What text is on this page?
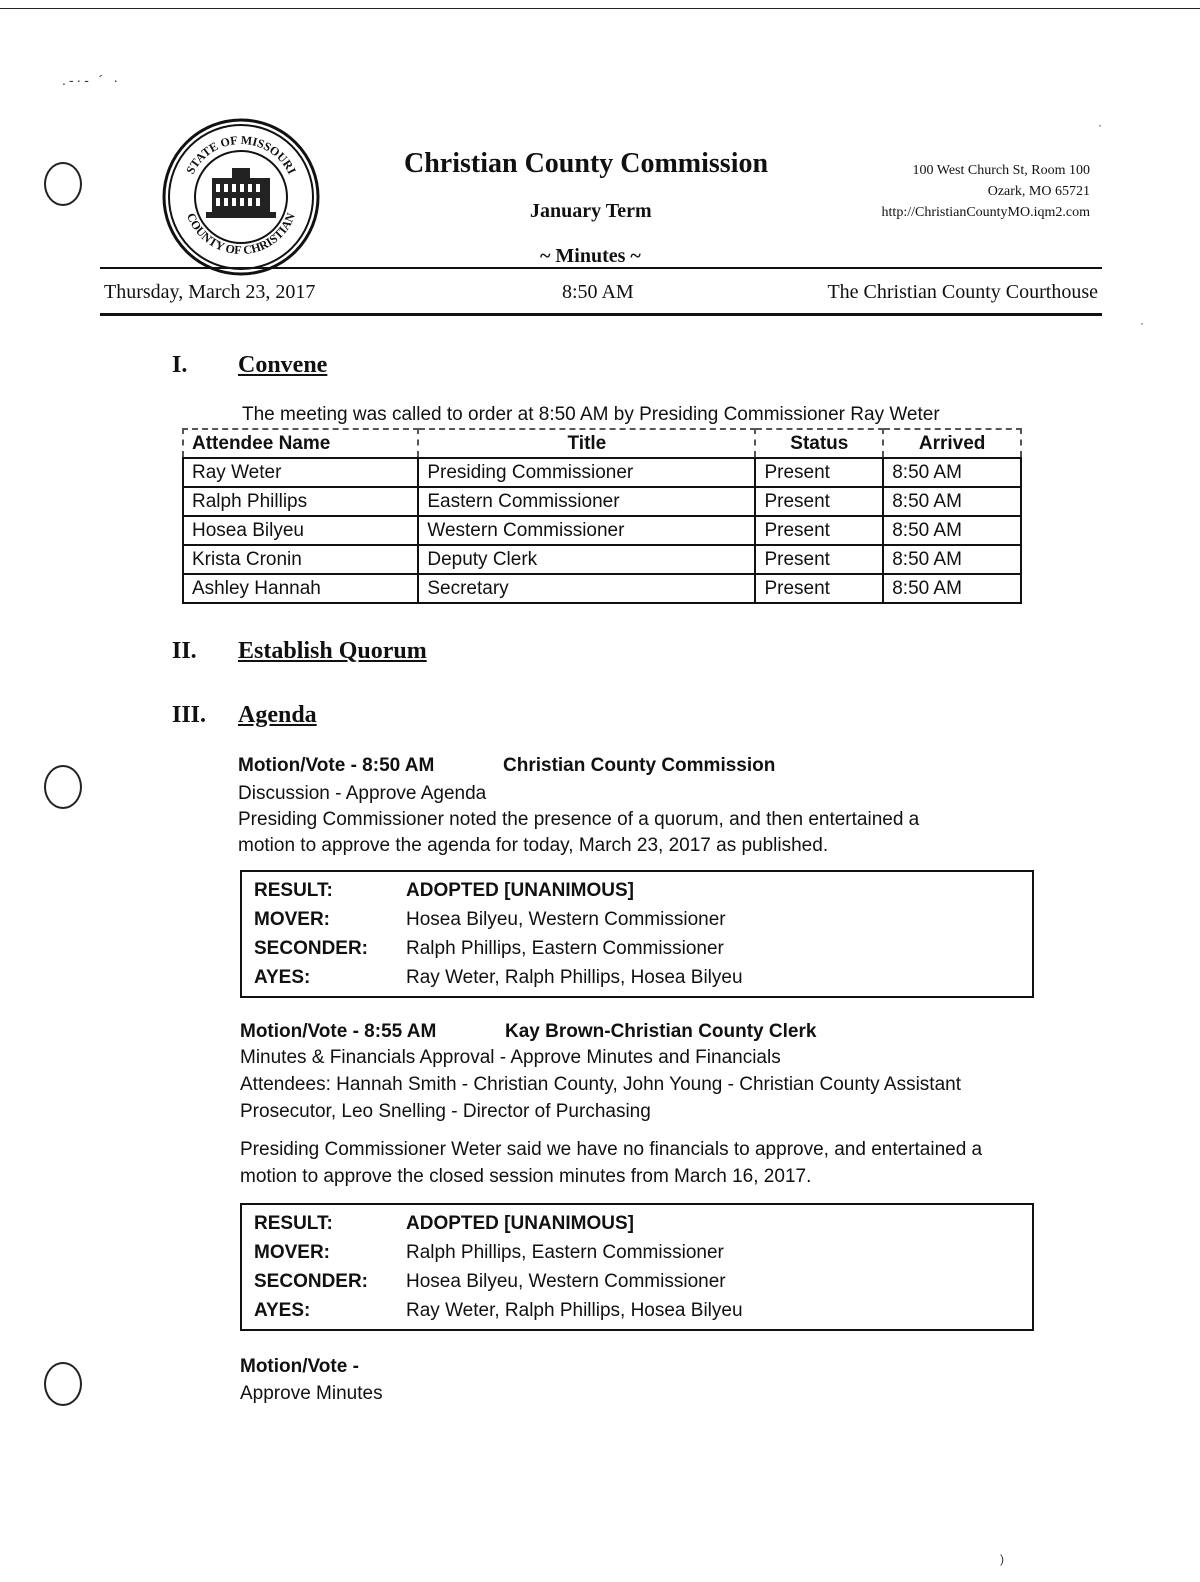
.-·- ´ ·
STATE OF MISSOURI
COUNTY OF CHRISTIAN
Christian County Commission
January Term
~ Minutes ~
100 West Church St, Room 100
Ozark, MO 65721
http://ChristianCountyMO.iqm2.com
Thursday, March 23, 2017	8:50 AM	The Christian County Courthouse
I. Convene
The meeting was called to order at 8:50 AM by Presiding Commissioner Ray Weter
Attendee Name	Title	Status	Arrived
Ray Weter	Presiding Commissioner	Present	8:50 AM
Ralph Phillips	Eastern Commissioner	Present	8:50 AM
Hosea Bilyeu	Western Commissioner	Present	8:50 AM
Krista Cronin	Deputy Clerk	Present	8:50 AM
Ashley Hannah	Secretary	Present	8:50 AM
II. Establish Quorum
III. Agenda
Motion/Vote - 8:50 AM	Christian County Commission
Discussion - Approve Agenda
Presiding Commissioner noted the presence of a quorum, and then entertained a
motion to approve the agenda for today, March 23, 2017 as published.
RESULT:	ADOPTED [UNANIMOUS]
MOVER:	Hosea Bilyeu, Western Commissioner
SECONDER:	Ralph Phillips, Eastern Commissioner
AYES:	Ray Weter, Ralph Phillips, Hosea Bilyeu
Motion/Vote - 8:55 AM	Kay Brown-Christian County Clerk
Minutes & Financials Approval - Approve Minutes and Financials
Attendees: Hannah Smith - Christian County, John Young - Christian County Assistant
Prosecutor, Leo Snelling - Director of Purchasing
Presiding Commissioner Weter said we have no financials to approve, and entertained a
motion to approve the closed session minutes from March 16, 2017.
RESULT:	ADOPTED [UNANIMOUS]
MOVER:	Ralph Phillips, Eastern Commissioner
SECONDER:	Hosea Bilyeu, Western Commissioner
AYES:	Ray Weter, Ralph Phillips, Hosea Bilyeu
Motion/Vote -
Approve Minutes
·
·
)
